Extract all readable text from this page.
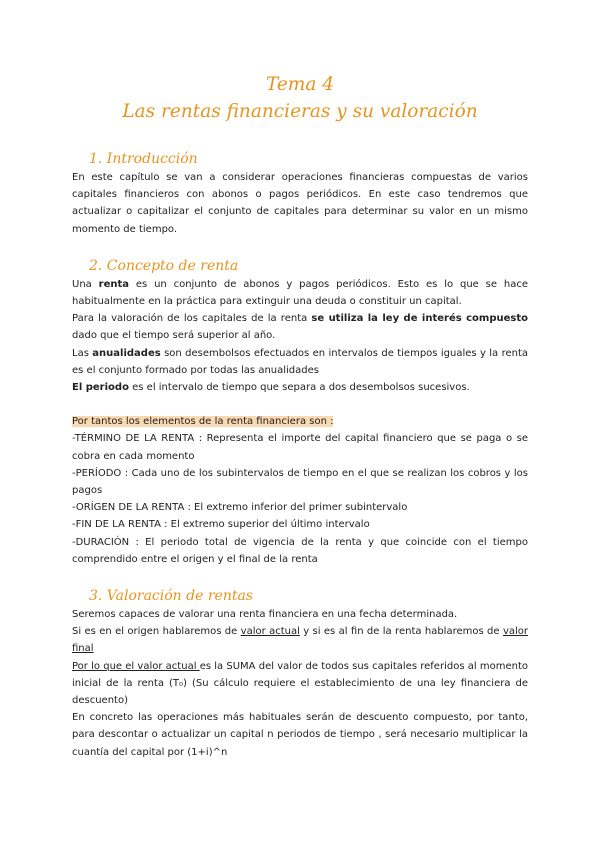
Tema 4
Las rentas financieras y su valoración
1. Introducción

En este capítulo se van a considerar operaciones financieras compuestas de varios capitales financieros con abonos o pagos periódicos. En este caso tendremos que actualizar o capitalizar el conjunto de capitales para determinar su valor en un mismo momento de tiempo.

2. Concepto de renta

Una renta es un conjunto de abonos y pagos periódicos. Esto es lo que se hace habitualmente en la práctica para extinguir una deuda o constituir un capital.

Para la valoración de los capitales de la renta se utiliza la ley de interés compuesto dado que el tiempo será superior al año.

Las anualidades son desembolsos efectuados en intervalos de tiempos iguales y la renta es el conjunto formado por todas las anualidades

El periodo es el intervalo de tiempo que separa a dos desembolsos sucesivos.

Por tantos los elementos de la renta financiera son :

-TÉRMINO DE LA RENTA : Representa el importe del capital financiero que se paga o se cobra en cada momento

-PERÍODO : Cada uno de los subintervalos de tiempo en el que se realizan los cobros y los pagos

-ORÍGEN DE LA RENTA : El extremo inferior del primer subintervalo

-FIN DE LA RENTA : El extremo superior del último intervalo

-DURACIÓN : El periodo total de vigencia de la renta y que coincide con el tiempo comprendido entre el origen y el final de la renta

3. Valoración de rentas

Seremos capaces de valorar una renta financiera en una fecha determinada.

Si es en el origen hablaremos de valor actual y si es al fin de la renta hablaremos de valor final

Por lo que el valor actual es la SUMA del valor de todos sus capitales referidos al momento inicial de la renta (T₀) (Su cálculo requiere el establecimiento de una ley financiera de descuento)

En concreto las operaciones más habituales serán de descuento compuesto, por tanto, para descontar o actualizar un capital n periodos de tiempo , será necesario multiplicar la cuantía del capital por (1+i)^n
